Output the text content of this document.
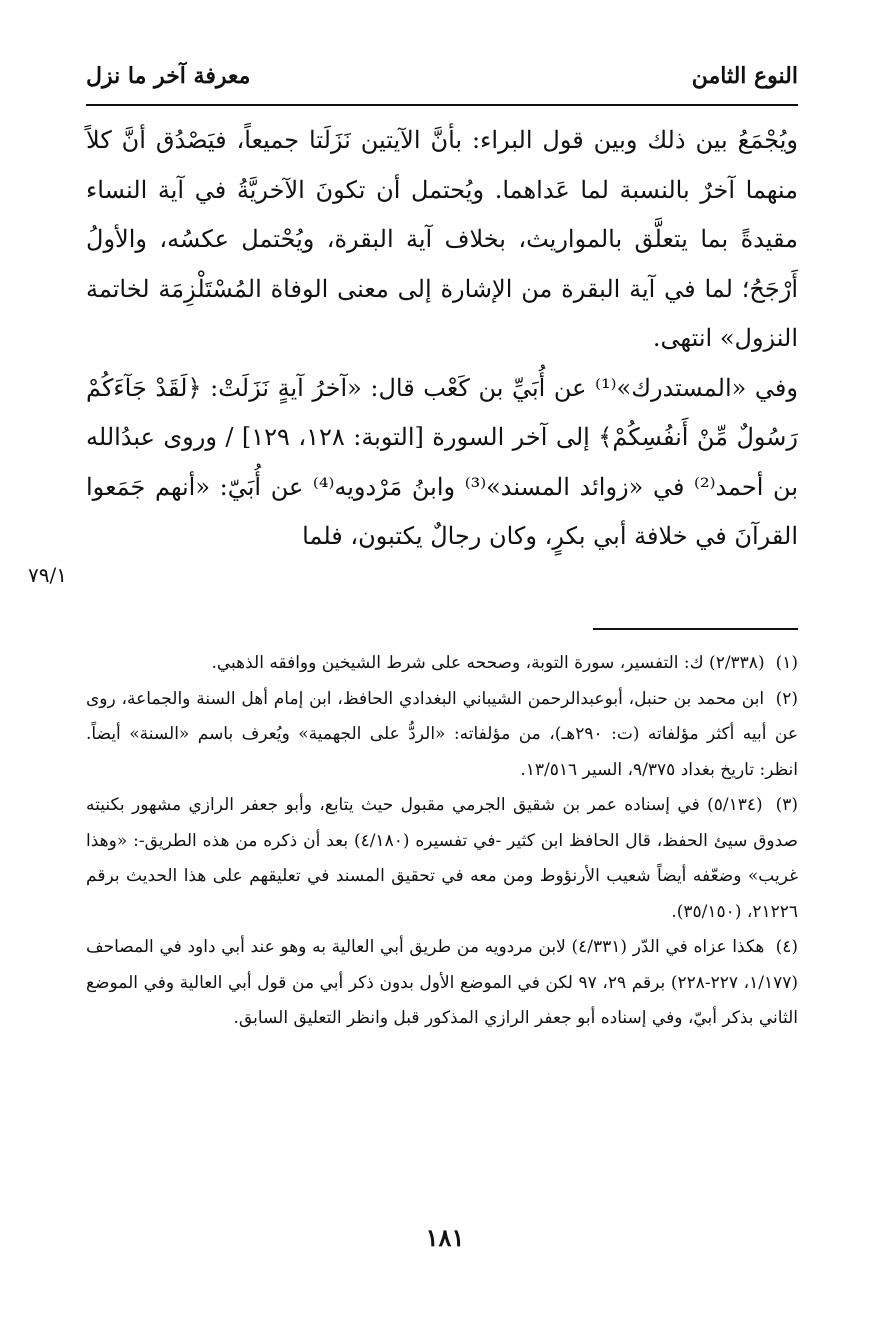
النوع الثامن
معرفة آخر ما نزل

ويُجْمَعُ بين ذلك وبين قول البراء: بأنَّ الآيتين نَزَلَتا جميعاً، فيَصْدُق أنَّ كلاً منهما آخرٌ بالنسبة لما عَداهما. ويُحتمل أن تكونَ الآخريَّةُ في آية النساء مقيدةً بما يتعلَّق بالمواريث، بخلاف آية البقرة، ويُحْتمل عكسُه، والأولُ أَرْجَحُ؛ لما في آية البقرة من الإشارة إلى معنى الوفاة المُسْتَلْزِمَة لخاتمة النزول» انتهى.

وفي «المستدرك»⁽¹⁾ عن أُبَيِّ بن كَعْب قال: «آخرُ آيةٍ نَزَلَتْ: ﴿لَقَدْ جَآءَكُمْ رَسُولٌ مِّنْ أَنفُسِكُمْ﴾ إلى آخر السورة [التوبة: ١٢٨، ١٢٩] / وروى عبدُالله بن أحمد⁽²⁾ في «زوائد المسند»⁽³⁾ وابنُ مَرْدويه⁽⁴⁾ عن أُبَيّ: «أنهم جَمَعوا القرآنَ في خلافة أبي بكرٍ، وكان رجالٌ يكتبون، فلما

٧٩/١

(١) (٢/٣٣٨) ك: التفسير، سورة التوبة، وصححه على شرط الشيخين ووافقه الذهبي.

(٢) ابن محمد بن حنبل، أبوعبدالرحمن الشيباني البغدادي الحافظ، ابن إمام أهل السنة والجماعة، روى عن أبيه أكثر مؤلفاته (ت: ٢٩٠هـ)، من مؤلفاته: «الردُّ على الجهمية» ويُعرف باسم «السنة» أيضاً. انظر: تاريخ بغداد ٩/٣٧٥، السير ١٣/٥١٦.

(٣) (٥/١٣٤) في إسناده عمر بن شقيق الجرمي مقبول حيث يتابع، وأبو جعفر الرازي مشهور بكنيته صدوق سيئ الحفظ، قال الحافظ ابن كثير -في تفسيره (٤/١٨٠) بعد أن ذكره من هذه الطريق-: «وهذا غريب» وضعّفه أيضاً شعيب الأرنؤوط ومن معه في تحقيق المسند في تعليقهم على هذا الحديث برقم ٢١٢٢٦، (٣٥/١٥٠).

(٤) هكذا عزاه في الدّر (٤/٣٣١) لابن مردويه من طريق أبي العالية به وهو عند أبي داود في المصاحف (١/١٧٧، ٢٢٧-٢٢٨) برقم ٢٩، ٩٧ لكن في الموضع الأول بدون ذكر أبي من قول أبي العالية وفي الموضع الثاني بذكر أبيّ، وفي إسناده أبو جعفر الرازي المذكور قبل وانظر التعليق السابق.

١٨١
